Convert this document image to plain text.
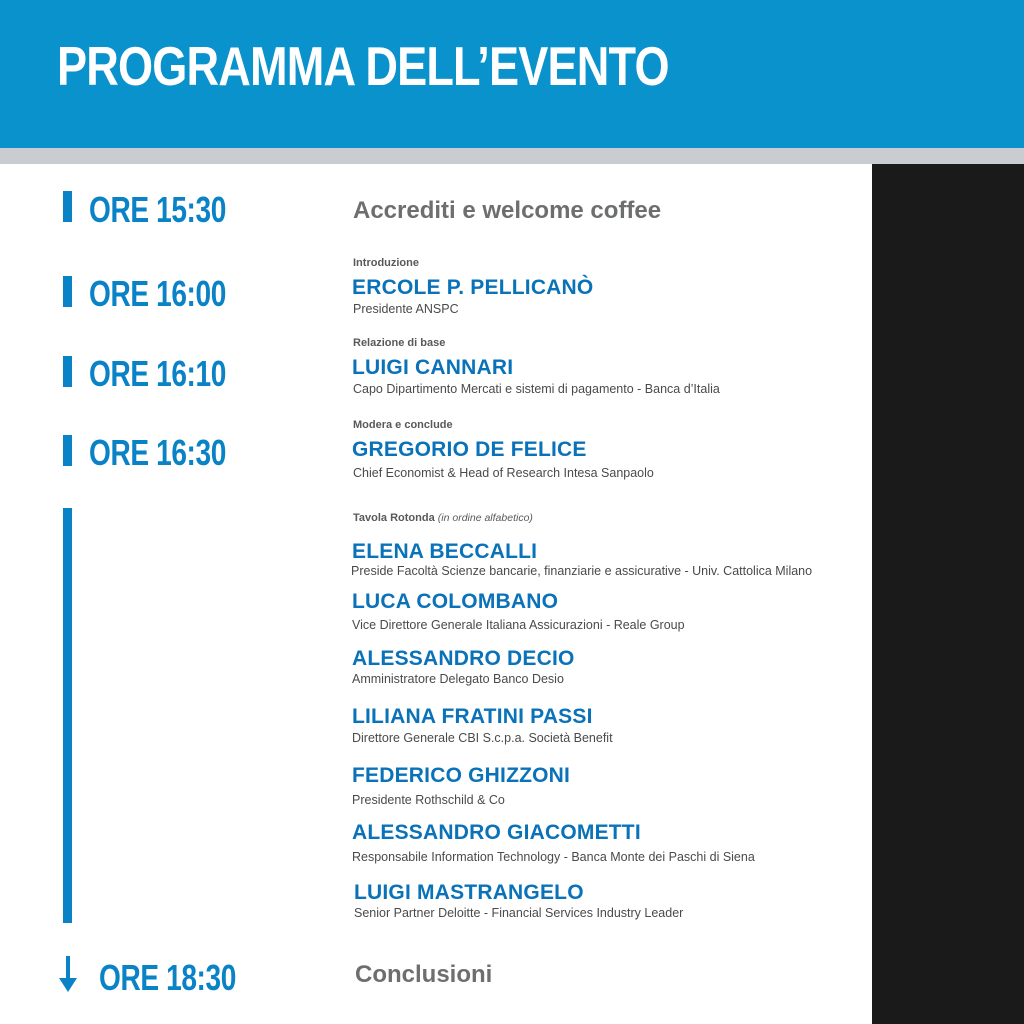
PROGRAMMA DELL’EVENTO
ORE 15:30	Accrediti e welcome coffee
ORE 16:00
Introduzione
ERCOLE P. PELLICANÒ
Presidente ANSPC
ORE 16:10
Relazione di base
LUIGI CANNARI
Capo Dipartimento Mercati e sistemi di pagamento - Banca d’Italia
ORE 16:30
Modera e conclude
GREGORIO DE FELICE
Chief Economist & Head of Research Intesa Sanpaolo
Tavola Rotonda (in ordine alfabetico)
ELENA BECCALLI
Preside Facoltà Scienze bancarie, finanziarie e assicurative - Univ. Cattolica Milano
LUCA COLOMBANO
Vice Direttore Generale Italiana Assicurazioni - Reale Group
ALESSANDRO DECIO
Amministratore Delegato Banco Desio
LILIANA FRATINI PASSI
Direttore Generale CBI S.c.p.a. Società Benefit
FEDERICO GHIZZONI
Presidente Rothschild & Co
ALESSANDRO GIACOMETTI
Responsabile Information Technology - Banca Monte dei Paschi di Siena
LUIGI MASTRANGELO
Senior Partner Deloitte - Financial Services Industry Leader
ORE 18:30	Conclusioni
